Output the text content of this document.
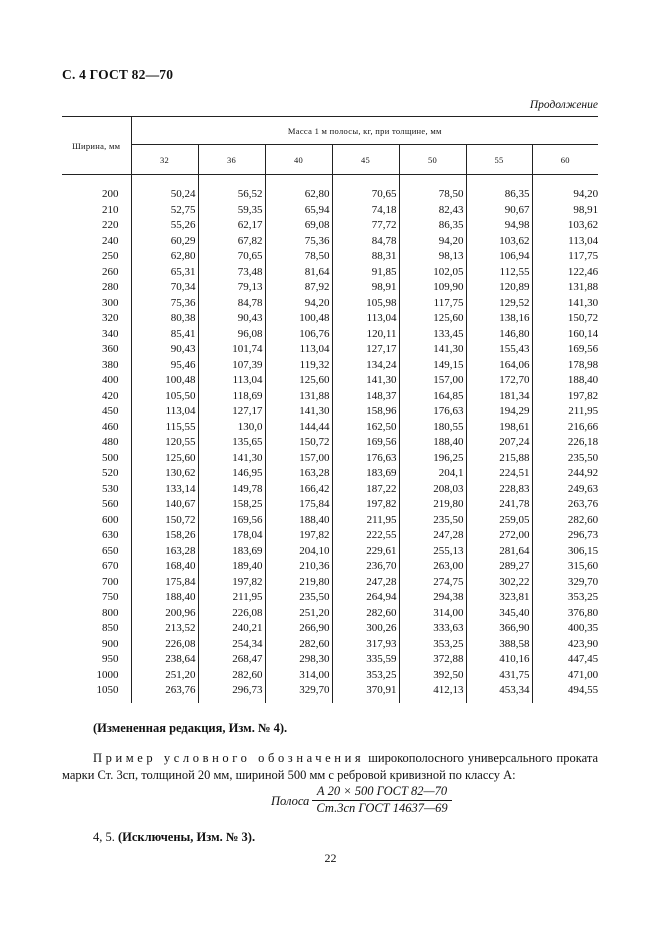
С. 4 ГОСТ 82—70
Продолжение
Ширина, мм	Масса 1 м полосы, кг, при толщине, мм						
	32	36	40	45	50	55	60
200	50,24	56,52	62,80	70,65	78,50	86,35	94,20
210	52,75	59,35	65,94	74,18	82,43	90,67	98,91
220	55,26	62,17	69,08	77,72	86,35	94,98	103,62
240	60,29	67,82	75,36	84,78	94,20	103,62	113,04
250	62,80	70,65	78,50	88,31	98,13	106,94	117,75
260	65,31	73,48	81,64	91,85	102,05	112,55	122,46
280	70,34	79,13	87,92	98,91	109,90	120,89	131,88
300	75,36	84,78	94,20	105,98	117,75	129,52	141,30
320	80,38	90,43	100,48	113,04	125,60	138,16	150,72
340	85,41	96,08	106,76	120,11	133,45	146,80	160,14
360	90,43	101,74	113,04	127,17	141,30	155,43	169,56
380	95,46	107,39	119,32	134,24	149,15	164,06	178,98
400	100,48	113,04	125,60	141,30	157,00	172,70	188,40
420	105,50	118,69	131,88	148,37	164,85	181,34	197,82
450	113,04	127,17	141,30	158,96	176,63	194,29	211,95
460	115,55	130,0	144,44	162,50	180,55	198,61	216,66
480	120,55	135,65	150,72	169,56	188,40	207,24	226,18
500	125,60	141,30	157,00	176,63	196,25	215,88	235,50
520	130,62	146,95	163,28	183,69	204,1	224,51	244,92
530	133,14	149,78	166,42	187,22	208,03	228,83	249,63
560	140,67	158,25	175,84	197,82	219,80	241,78	263,76
600	150,72	169,56	188,40	211,95	235,50	259,05	282,60
630	158,26	178,04	197,82	222,55	247,28	272,00	296,73
650	163,28	183,69	204,10	229,61	255,13	281,64	306,15
670	168,40	189,40	210,36	236,70	263,00	289,27	315,60
700	175,84	197,82	219,80	247,28	274,75	302,22	329,70
750	188,40	211,95	235,50	264,94	294,38	323,81	353,25
800	200,96	226,08	251,20	282,60	314,00	345,40	376,80
850	213,52	240,21	266,90	300,26	333,63	366,90	400,35
900	226,08	254,34	282,60	317,93	353,25	388,58	423,90
950	238,64	268,47	298,30	335,59	372,88	410,16	447,45
1000	251,20	282,60	314,00	353,25	392,50	431,75	471,00
1050	263,76	296,73	329,70	370,91	412,13	453,34	494,55
(Измененная редакция, Изм. № 4).
Пример условного обозначения широкополосного универсального проката марки Ст. 3сп, толщиной 20 мм, шириной 500 мм с ребровой кривизной по классу А:
Полоса
А 20 × 500 ГОСТ 82—70
Ст.3сп ГОСТ 14637—69
4, 5. (Исключены, Изм. № 3).
22
